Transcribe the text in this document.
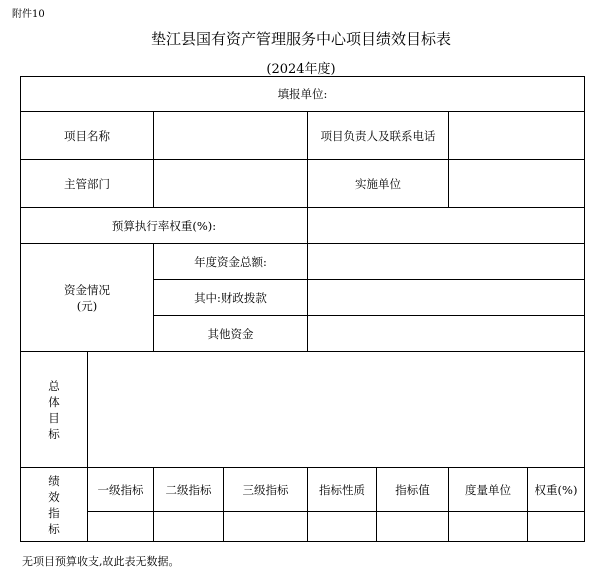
附件10
垫江县国有资产管理服务中心项目绩效目标表
(2024年度)
填报单位:							
项目名称				项目负责人及联系电话			
主管部门				实施单位			
预算执行率权重(%):							

资金情况
(元)		年度资金总额:					
		其中:财政拨款					
		其他资金					

总
体
目
标							

绩
效
指
标	一级指标	二级指标	三级指标	指标性质	指标值	度量单位	权重(%)

无项目预算收支,故此表无数据。
